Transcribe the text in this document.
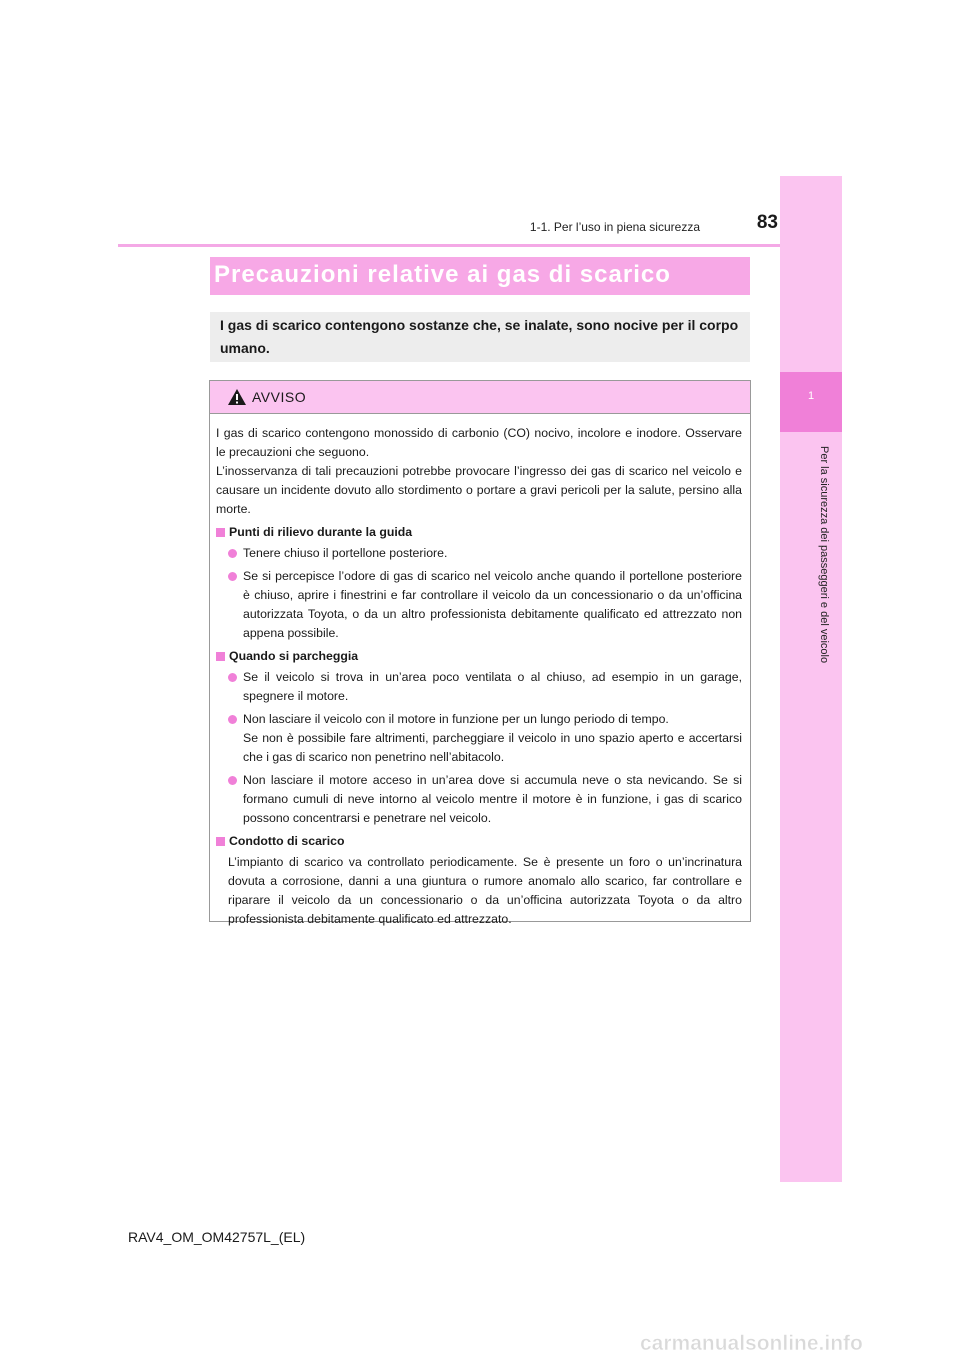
1-1. Per l’uso in piena sicurezza	83
1
Per la sicurezza dei passeggeri e del veicolo
Precauzioni relative ai gas di scarico
I gas di scarico contengono sostanze che, se inalate, sono nocive per il corpo umano.
AVVISO

I gas di scarico contengono monossido di carbonio (CO) nocivo, incolore e inodore. Osservare le precauzioni che seguono.

L’inosservanza di tali precauzioni potrebbe provocare l’ingresso dei gas di scarico nel veicolo e causare un incidente dovuto allo stordimento o portare a gravi pericoli per la salute, persino alla morte.

Punti di rilievo durante la guida
Tenere chiuso il portellone posteriore.
Se si percepisce l’odore di gas di scarico nel veicolo anche quando il portellone posteriore è chiuso, aprire i finestrini e far controllare il veicolo da un concessionario o da un’officina autorizzata Toyota, o da un altro professionista debitamente qualificato ed attrezzato non appena possibile.
Quando si parcheggia
Se il veicolo si trova in un’area poco ventilata o al chiuso, ad esempio in un garage, spegnere il motore.
Non lasciare il veicolo con il motore in funzione per un lungo periodo di tempo.
Se non è possibile fare altrimenti, parcheggiare il veicolo in uno spazio aperto e accertarsi che i gas di scarico non penetrino nell’abitacolo.
Non lasciare il motore acceso in un’area dove si accumula neve o sta nevicando. Se si formano cumuli di neve intorno al veicolo mentre il motore è in funzione, i gas di scarico possono concentrarsi e penetrare nel veicolo.
Condotto di scarico
L’impianto di scarico va controllato periodicamente. Se è presente un foro o un’incrinatura dovuta a corrosione, danni a una giuntura o rumore anomalo allo scarico, far controllare e riparare il veicolo da un concessionario o da un’officina autorizzata Toyota o da altro professionista debitamente qualificato ed attrezzato.
RAV4_OM_OM42757L_(EL)
carmanualsonline.info
